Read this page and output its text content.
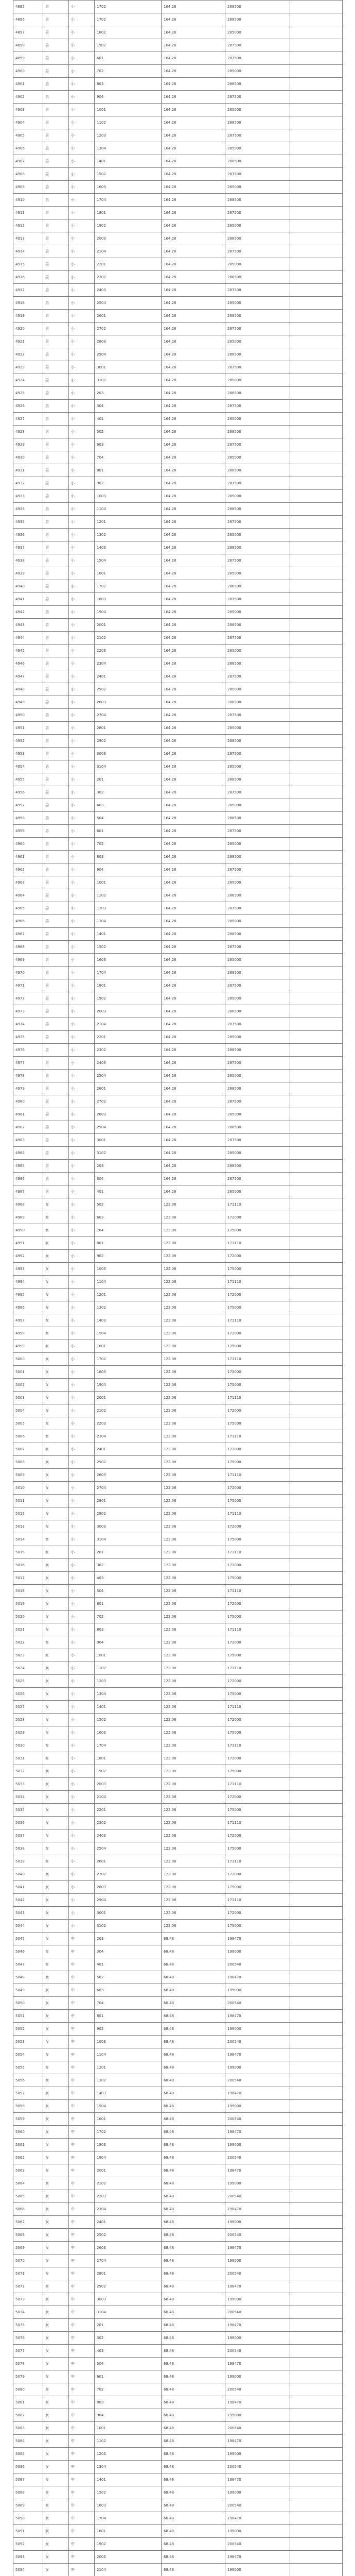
4895	男	小	1702	164.28	288500	
4896	男	小	1702	164.28	288500	
4897	男	小	1802	164.28	285000	
4898	男	小	1902	164.28	287500	
4899	男	小	601	164.28	287500	
4900	男	小	702	164.28	285000	
4901	男	小	803	164.28	288500	
4902	男	小	904	164.28	287500	
4903	男	小	1001	164.28	285000	
4904	男	小	1102	164.28	288500	
4905	男	小	1203	164.28	287500	
4906	男	小	1304	164.28	285000	
4907	男	小	1401	164.28	288500	
4908	男	小	1502	164.28	287500	
4909	男	小	1603	164.28	285000	
4910	男	小	1704	164.28	288500	
4911	男	小	1801	164.28	287500	
4912	男	小	1902	164.28	285000	
4913	男	小	2003	164.28	288500	
4914	男	小	2104	164.28	287500	
4915	男	小	2201	164.28	285000	
4916	男	小	2302	164.28	288500	
4917	男	小	2403	164.28	287500	
4918	男	小	2504	164.28	285000	
4919	男	小	2601	164.28	288500	
4920	男	小	2702	164.28	287500	
4921	男	小	2803	164.28	285000	
4922	男	小	2904	164.28	288500	
4923	男	小	3001	164.28	287500	
4924	男	小	3102	164.28	285000	
4925	男	小	203	164.28	288500	
4926	男	小	304	164.28	287500	
4927	男	小	401	164.28	285000	
4928	男	小	502	164.28	288500	
4929	男	小	603	164.28	287500	
4930	男	小	704	164.28	285000	
4931	男	小	801	164.28	288500	
4932	男	小	902	164.28	287500	
4933	男	小	1003	164.28	285000	
4934	男	小	1104	164.28	288500	
4935	男	小	1201	164.28	287500	
4936	男	小	1302	164.28	285000	
4937	男	小	1403	164.28	288500	
4938	男	小	1504	164.28	287500	
4939	男	小	1601	164.28	285000	
4940	男	小	1702	164.28	288500	
4941	男	小	1803	164.28	287500	
4942	男	小	1904	164.28	285000	
4943	男	小	2001	164.28	288500	
4944	男	小	2102	164.28	287500	
4945	男	小	2203	164.28	285000	
4946	男	小	2304	164.28	288500	
4947	男	小	2401	164.28	287500	
4948	男	小	2502	164.28	285000	
4949	男	小	2603	164.28	288500	
4950	男	小	2704	164.28	287500	
4951	男	小	2801	164.28	285000	
4952	男	小	2902	164.28	288500	
4953	男	小	3003	164.28	287500	
4954	男	小	3104	164.28	285000	
4955	男	小	201	164.28	288500	
4956	男	小	302	164.28	287500	
4957	男	小	403	164.28	285000	
4958	男	小	504	164.28	288500	
4959	男	小	601	164.28	287500	
4960	男	小	702	164.28	285000	
4961	男	小	803	164.28	288500	
4962	男	小	904	164.28	287500	
4963	男	小	1001	164.28	285000	
4964	男	小	1102	164.28	288500	
4965	男	小	1203	164.28	287500	
4966	男	小	1304	164.28	285000	
4967	男	小	1401	164.28	288500	
4968	男	小	1502	164.28	287500	
4969	男	小	1603	164.28	285000	
4970	男	小	1704	164.28	288500	
4971	男	小	1801	164.28	287500	
4972	男	小	1902	164.28	285000	
4973	男	小	2003	164.28	288500	
4974	男	小	2104	164.28	287500	
4975	男	小	2201	164.28	285000	
4976	男	小	2302	164.28	288500	
4977	男	小	2403	164.28	287500	
4978	男	小	2504	164.28	285000	
4979	男	小	2601	164.28	288500	
4980	男	小	2702	164.28	287500	
4981	男	小	2803	164.28	285000	
4982	男	小	2904	164.28	288500	
4983	男	小	3001	164.28	287500	
4984	男	小	3102	164.28	285000	
4985	男	小	203	164.28	288500	
4986	男	小	304	164.28	287500	
4987	男	小	401	164.28	285000	
4988	女	小	502	122.08	171110	
4989	女	小	603	122.08	172000	
4990	女	小	704	122.08	175000	
4991	女	小	801	122.08	171110	
4992	女	小	902	122.08	172000	
4993	女	小	1003	122.08	175000	
4994	女	小	1104	122.08	171110	
4995	女	小	1201	122.08	172000	
4996	女	小	1302	122.08	175000	
4997	女	小	1403	122.08	171110	
4998	女	小	1504	122.08	172000	
4999	女	小	1601	122.08	175000	
5000	女	小	1702	122.08	171110	
5001	女	小	1803	122.08	172000	
5002	女	小	1904	122.08	175000	
5003	女	小	2001	122.08	171110	
5004	女	小	2102	122.08	172000	
5005	女	小	2203	122.08	175000	
5006	女	小	2304	122.08	171110	
5007	女	小	2401	122.08	172000	
5008	女	小	2502	122.08	175000	
5009	女	小	2603	122.08	171110	
5010	女	小	2704	122.08	172000	
5011	女	小	2801	122.08	175000	
5012	女	小	2902	122.08	171110	
5013	女	小	3003	122.08	172000	
5014	女	小	3104	122.08	175000	
5015	女	小	201	122.08	171110	
5016	女	小	302	122.08	172000	
5017	女	小	403	122.08	175000	
5018	女	小	504	122.08	171110	
5019	女	小	601	122.08	172000	
5020	女	小	702	122.08	175000	
5021	女	小	803	122.08	171110	
5022	女	小	904	122.08	172000	
5023	女	小	1001	122.08	175000	
5024	女	小	1102	122.08	171110	
5025	女	小	1203	122.08	172000	
5026	女	小	1304	122.08	175000	
5027	女	小	1401	122.08	171110	
5028	女	小	1502	122.08	172000	
5029	女	小	1603	122.08	175000	
5030	女	小	1704	122.08	171110	
5031	女	小	1801	122.08	172000	
5032	女	小	1902	122.08	175000	
5033	女	小	2003	122.08	171110	
5034	女	小	2104	122.08	172000	
5035	女	小	2201	122.08	175000	
5036	女	小	2302	122.08	171110	
5037	女	小	2403	122.08	172000	
5038	女	小	2504	122.08	175000	
5039	女	小	2601	122.08	171110	
5040	女	小	2702	122.08	172000	
5041	女	小	2803	122.08	175000	
5042	女	小	2904	122.08	171110	
5043	女	小	3001	122.08	172000	
5044	女	小	3102	122.08	175000	
5045	女	中	203	68.48	198470	
5046	女	中	304	68.48	199000	
5047	女	中	401	68.48	200540	
5048	女	中	502	68.48	198470	
5049	女	中	603	68.48	199000	
5050	女	中	704	68.48	200540	
5051	女	中	801	68.48	198470	
5052	女	中	902	68.48	199000	
5053	女	中	1003	68.48	200540	
5054	女	中	1104	68.48	198470	
5055	女	中	1201	68.48	199000	
5056	女	中	1302	68.48	200540	
5057	女	中	1403	68.48	198470	
5058	女	中	1504	68.48	199000	
5059	女	中	1601	68.48	200540	
5060	女	中	1702	68.48	198470	
5061	女	中	1803	68.48	199000	
5062	女	中	1904	68.48	200540	
5063	女	中	2001	68.48	198470	
5064	女	中	2102	68.48	199000	
5065	女	中	2203	68.48	200540	
5066	女	中	2304	68.48	198470	
5067	女	中	2401	68.48	199000	
5068	女	中	2502	68.48	200540	
5069	女	中	2603	68.48	198470	
5070	女	中	2704	68.48	199000	
5071	女	中	2801	68.48	200540	
5072	女	中	2902	68.48	198470	
5073	女	中	3003	68.48	199000	
5074	女	中	3104	68.48	200540	
5075	女	中	201	68.48	198470	
5076	女	中	302	68.48	199000	
5077	女	中	403	68.48	200540	
5078	女	中	504	68.48	198470	
5079	女	中	601	68.48	199000	
5080	女	中	702	68.48	200540	
5081	女	中	803	68.48	198470	
5082	女	中	904	68.48	199000	
5083	女	中	1001	68.48	200540	
5084	女	中	1102	68.48	198470	
5085	女	中	1203	68.48	199000	
5086	女	中	1304	68.48	200540	
5087	女	中	1401	68.48	198470	
5088	女	中	1502	68.48	199000	
5089	女	中	1603	68.48	200540	
5090	女	中	1704	68.48	198470	
5091	女	中	1801	68.48	199000	
5092	女	中	1902	68.48	200540	
5093	女	中	2003	68.48	198470	
5094	女	中	2104	68.48	199000	
